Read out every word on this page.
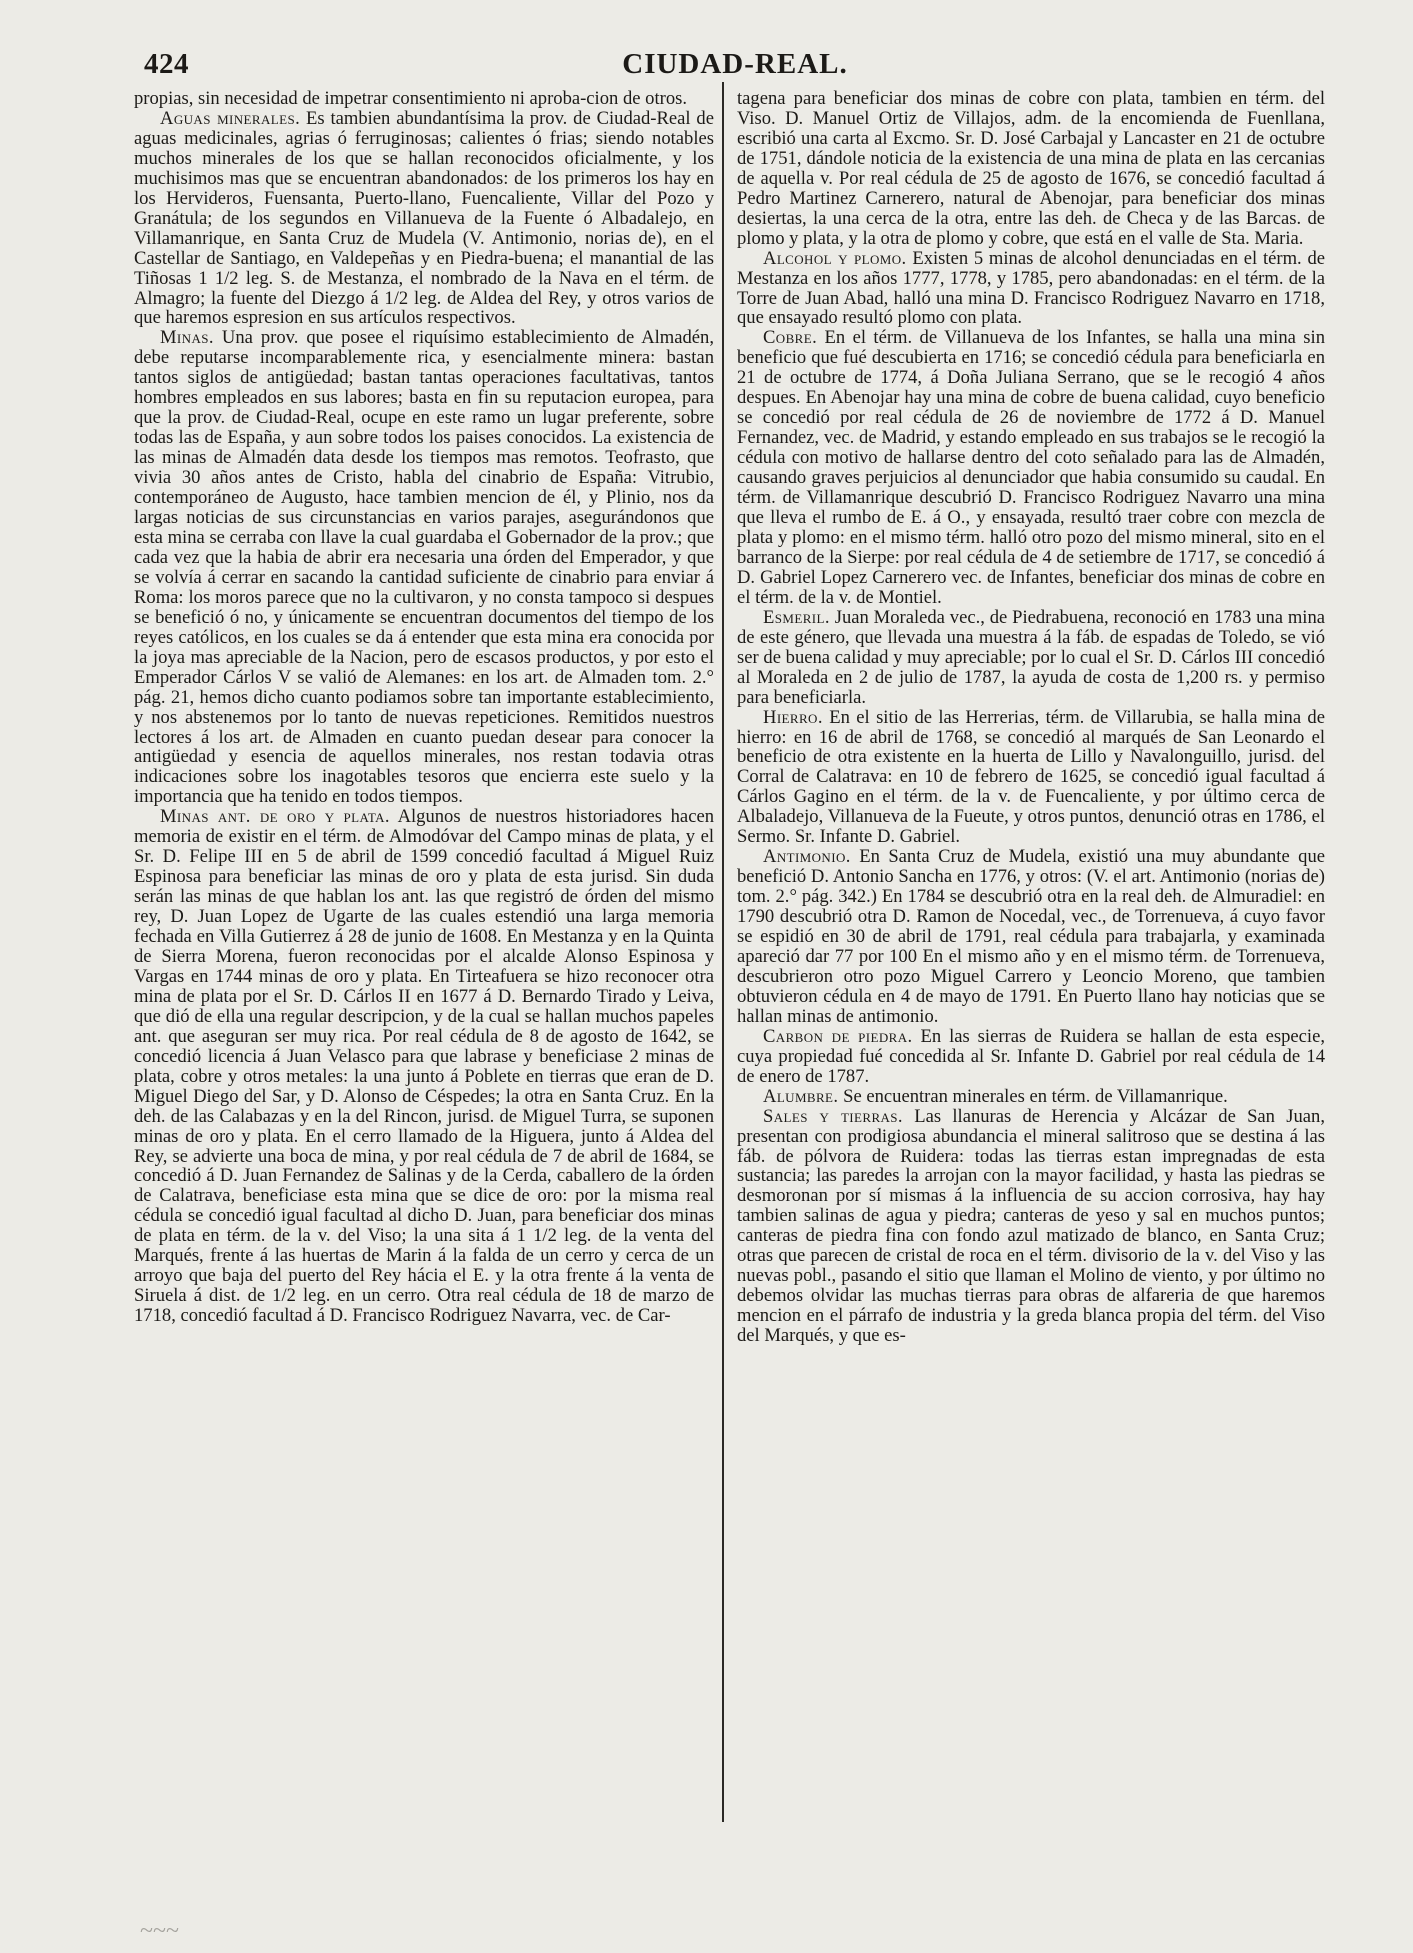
424	CIUDAD-REAL.

propias, sin necesidad de impetrar consentimiento ni aproba-cion de otros.

Aguas minerales. Es tambien abundantísima la prov. de Ciudad-Real de aguas medicinales, agrias ó ferruginosas; calientes ó frias; siendo notables muchos minerales de los que se hallan reconocidos oficialmente, y los muchisimos mas que se encuentran abandonados: de los primeros los hay en los Hervideros, Fuensanta, Puerto-llano, Fuencaliente, Villar del Pozo y Granátula; de los segundos en Villanueva de la Fuente ó Albadalejo, en Villamanrique, en Santa Cruz de Mudela (V. Antimonio, norias de), en el Castellar de Santiago, en Valdepeñas y en Piedra-buena; el manantial de las Tiñosas 1 1/2 leg. S. de Mestanza, el nombrado de la Nava en el térm. de Almagro; la fuente del Diezgo á 1/2 leg. de Aldea del Rey, y otros varios de que haremos espresion en sus artículos respectivos.

Minas. Una prov. que posee el riquísimo establecimiento de Almadén, debe reputarse incomparablemente rica, y esencialmente minera: bastan tantos siglos de antigüedad; bastan tantas operaciones facultativas, tantos hombres empleados en sus labores; basta en fin su reputacion europea, para que la prov. de Ciudad-Real, ocupe en este ramo un lugar preferente, sobre todas las de España, y aun sobre todos los paises conocidos. La existencia de las minas de Almadén data desde los tiempos mas remotos. Teofrasto, que vivia 30 años antes de Cristo, habla del cinabrio de España: Vitrubio, contemporáneo de Augusto, hace tambien mencion de él, y Plinio, nos da largas noticias de sus circunstancias en varios parajes, asegurándonos que esta mina se cerraba con llave la cual guardaba el Gobernador de la prov.; que cada vez que la habia de abrir era necesaria una órden del Emperador, y que se volvía á cerrar en sacando la cantidad suficiente de cinabrio para enviar á Roma: los moros parece que no la cultivaron, y no consta tampoco si despues se benefició ó no, y únicamente se encuentran documentos del tiempo de los reyes católicos, en los cuales se da á entender que esta mina era conocida por la joya mas apreciable de la Nacion, pero de escasos productos, y por esto el Emperador Cárlos V se valió de Alemanes: en los art. de Almaden tom. 2.° pág. 21, hemos dicho cuanto podiamos sobre tan importante establecimiento, y nos abstenemos por lo tanto de nuevas repeticiones. Remitidos nuestros lectores á los art. de Almaden en cuanto puedan desear para conocer la antigüedad y esencia de aquellos minerales, nos restan todavia otras indicaciones sobre los inagotables tesoros que encierra este suelo y la importancia que ha tenido en todos tiempos.

Minas ant. de oro y plata. Algunos de nuestros historiadores hacen memoria de existir en el térm. de Almodóvar del Campo minas de plata, y el Sr. D. Felipe III en 5 de abril de 1599 concedió facultad á Miguel Ruiz Espinosa para beneficiar las minas de oro y plata de esta jurisd. Sin duda serán las minas de que hablan los ant. las que registró de órden del mismo rey, D. Juan Lopez de Ugarte de las cuales estendió una larga memoria fechada en Villa Gutierrez á 28 de junio de 1608. En Mestanza y en la Quinta de Sierra Morena, fueron reconocidas por el alcalde Alonso Espinosa y Vargas en 1744 minas de oro y plata. En Tirteafuera se hizo reconocer otra mina de plata por el Sr. D. Cárlos II en 1677 á D. Bernardo Tirado y Leiva, que dió de ella una regular descripcion, y de la cual se hallan muchos papeles ant. que aseguran ser muy rica. Por real cédula de 8 de agosto de 1642, se concedió licencia á Juan Velasco para que labrase y beneficiase 2 minas de plata, cobre y otros metales: la una junto á Poblete en tierras que eran de D. Miguel Diego del Sar, y D. Alonso de Céspedes; la otra en Santa Cruz. En la deh. de las Calabazas y en la del Rincon, jurisd. de Miguel Turra, se suponen minas de oro y plata. En el cerro llamado de la Higuera, junto á Aldea del Rey, se advierte una boca de mina, y por real cédula de 7 de abril de 1684, se concedió á D. Juan Fernandez de Salinas y de la Cerda, caballero de la órden de Calatrava, beneficiase esta mina que se dice de oro: por la misma real cédula se concedió igual facultad al dicho D. Juan, para beneficiar dos minas de plata en térm. de la v. del Viso; la una sita á 1 1/2 leg. de la venta del Marqués, frente á las huertas de Marin á la falda de un cerro y cerca de un arroyo que baja del puerto del Rey hácia el E. y la otra frente á la venta de Siruela á dist. de 1/2 leg. en un cerro. Otra real cédula de 18 de marzo de 1718, concedió facultad á D. Francisco Rodriguez Navarra, vec. de Car-

tagena para beneficiar dos minas de cobre con plata, tambien en térm. del Viso. D. Manuel Ortiz de Villajos, adm. de la encomienda de Fuenllana, escribió una carta al Excmo. Sr. D. José Carbajal y Lancaster en 21 de octubre de 1751, dándole noticia de la existencia de una mina de plata en las cercanias de aquella v. Por real cédula de 25 de agosto de 1676, se concedió facultad á Pedro Martinez Carnerero, natural de Abenojar, para beneficiar dos minas desiertas, la una cerca de la otra, entre las deh. de Checa y de las Barcas. de plomo y plata, y la otra de plomo y cobre, que está en el valle de Sta. Maria.

Alcohol y plomo. Existen 5 minas de alcohol denunciadas en el térm. de Mestanza en los años 1777, 1778, y 1785, pero abandonadas: en el térm. de la Torre de Juan Abad, halló una mina D. Francisco Rodriguez Navarro en 1718, que ensayado resultó plomo con plata.

Cobre. En el térm. de Villanueva de los Infantes, se halla una mina sin beneficio que fué descubierta en 1716; se concedió cédula para beneficiarla en 21 de octubre de 1774, á Doña Juliana Serrano, que se le recogió 4 años despues. En Abenojar hay una mina de cobre de buena calidad, cuyo beneficio se concedió por real cédula de 26 de noviembre de 1772 á D. Manuel Fernandez, vec. de Madrid, y estando empleado en sus trabajos se le recogió la cédula con motivo de hallarse dentro del coto señalado para las de Almadén, causando graves perjuicios al denunciador que habia consumido su caudal. En térm. de Villamanrique descubrió D. Francisco Rodriguez Navarro una mina que lleva el rumbo de E. á O., y ensayada, resultó traer cobre con mezcla de plata y plomo: en el mismo térm. halló otro pozo del mismo mineral, sito en el barranco de la Sierpe: por real cédula de 4 de setiembre de 1717, se concedió á D. Gabriel Lopez Carnerero vec. de Infantes, beneficiar dos minas de cobre en el térm. de la v. de Montiel.

Esmeril. Juan Moraleda vec., de Piedrabuena, reconoció en 1783 una mina de este género, que llevada una muestra á la fáb. de espadas de Toledo, se vió ser de buena calidad y muy apreciable; por lo cual el Sr. D. Cárlos III concedió al Moraleda en 2 de julio de 1787, la ayuda de costa de 1,200 rs. y permiso para beneficiarla.

Hierro. En el sitio de las Herrerias, térm. de Villarubia, se halla mina de hierro: en 16 de abril de 1768, se concedió al marqués de San Leonardo el beneficio de otra existente en la huerta de Lillo y Navalonguillo, jurisd. del Corral de Calatrava: en 10 de febrero de 1625, se concedió igual facultad á Cárlos Gagino en el térm. de la v. de Fuencaliente, y por último cerca de Albaladejo, Villanueva de la Fueute, y otros puntos, denunció otras en 1786, el Sermo. Sr. Infante D. Gabriel.

Antimonio. En Santa Cruz de Mudela, existió una muy abundante que benefició D. Antonio Sancha en 1776, y otros: (V. el art. Antimonio (norias de) tom. 2.° pág. 342.) En 1784 se descubrió otra en la real deh. de Almuradiel: en 1790 descubrió otra D. Ramon de Nocedal, vec., de Torrenueva, á cuyo favor se espidió en 30 de abril de 1791, real cédula para trabajarla, y examinada apareció dar 77 por 100 En el mismo año y en el mismo térm. de Torrenueva, descubrieron otro pozo Miguel Carrero y Leoncio Moreno, que tambien obtuvieron cédula en 4 de mayo de 1791. En Puerto llano hay noticias que se hallan minas de antimonio.

Carbon de piedra. En las sierras de Ruidera se hallan de esta especie, cuya propiedad fué concedida al Sr. Infante D. Gabriel por real cédula de 14 de enero de 1787.

Alumbre. Se encuentran minerales en térm. de Villamanrique.

Sales y tierras. Las llanuras de Herencia y Alcázar de San Juan, presentan con prodigiosa abundancia el mineral salitroso que se destina á las fáb. de pólvora de Ruidera: todas las tierras estan impregnadas de esta sustancia; las paredes la arrojan con la mayor facilidad, y hasta las piedras se desmoronan por sí mismas á la influencia de su accion corrosiva, hay hay tambien salinas de agua y piedra; canteras de yeso y sal en muchos puntos; canteras de piedra fina con fondo azul matizado de blanco, en Santa Cruz; otras que parecen de cristal de roca en el térm. divisorio de la v. del Viso y las nuevas pobl., pasando el sitio que llaman el Molino de viento, y por último no debemos olvidar las muchas tierras para obras de alfareria de que haremos mencion en el párrafo de industria y la greda blanca propia del térm. del Viso del Marqués, y que es-

~~~
